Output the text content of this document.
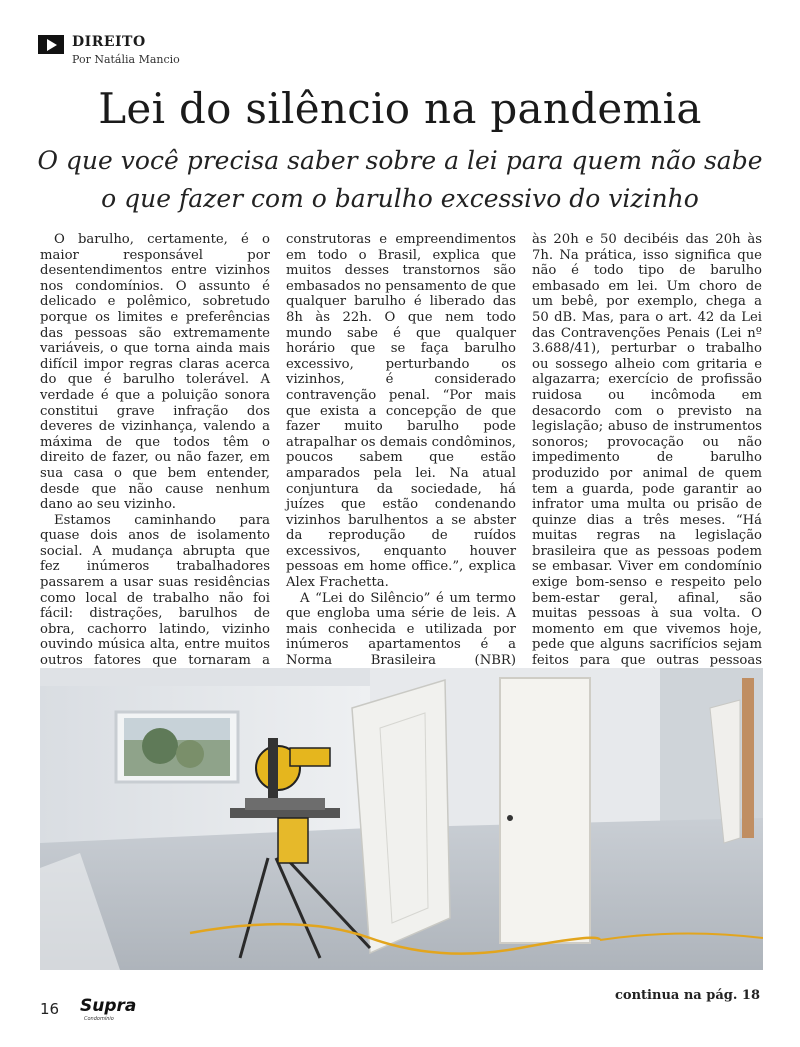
DIREITO
Por Natália Mancio
Lei do silêncio na pandemia
O que você precisa saber sobre a lei para quem não sabe o que fazer com o barulho excessivo do vizinho

O barulho, certamente, é o maior responsável por desentendimentos entre vizinhos nos condomínios. O assunto é delicado e polêmico, sobretudo porque os limites e preferências das pessoas são extremamente variáveis, o que torna ainda mais difícil impor regras claras acerca do que é barulho tolerável. A verdade é que a poluição sonora constitui grave infração dos deveres de vizinhança, valendo a máxima de que todos têm o direito de fazer, ou não fazer, em sua casa o que bem entender, desde que não cause nenhum dano ao seu vizinho.

Estamos caminhando para quase dois anos de isolamento social. A mudança abrupta que fez inúmeros trabalhadores passarem a usar suas residências como local de trabalho não foi fácil: distrações, barulhos de obra, cachorro latindo, vizinho ouvindo música alta, entre muitos outros fatores que tornaram a

construtoras e empreendimentos em todo o Brasil, explica que muitos desses transtornos são embasados no pensamento de que qualquer barulho é liberado das 8h às 22h. O que nem todo mundo sabe é que qualquer horário que se faça barulho excessivo, perturbando os vizinhos, é considerado contravenção penal. “Por mais que exista a concepção de que fazer muito barulho pode atrapalhar os demais condôminos, poucos sabem que estão amparados pela lei. Na atual conjuntura da sociedade, há juízes que estão condenando vizinhos barulhentos a se abster da reprodução de ruídos excessivos, enquanto houver pessoas em home office.”, explica Alex Frachetta.

A “Lei do Silêncio” é um termo que engloba uma série de leis. A mais conhecida e utilizada por inúmeros apartamentos é a Norma Brasileira (NBR)

às 20h e 50 decibéis das 20h às 7h. Na prática, isso significa que não é todo tipo de barulho embasado em lei. Um choro de um bebê, por exemplo, chega a 50 dB. Mas, para o art. 42 da Lei das Contravenções Penais (Lei nº 3.688/41), perturbar o trabalho ou sossego alheio com gritaria e algazarra; exercício de profissão ruidosa ou incômoda em desacordo com o previsto na legislação; abuso de instrumentos sonoros; provocação ou não impedimento de barulho produzido por animal de quem tem a guarda, pode garantir ao infrator uma multa ou prisão de quinze dias a três meses. “Há muitas regras na legislação brasileira que as pessoas podem se embasar. Viver em condomínio exige bom-senso e respeito pelo bem-estar geral, afinal, são muitas pessoas à sua volta. O momento em que vivemos hoje, pede que alguns sacrifícios sejam feitos para que outras pessoas

16 Supra
Condomínio
continua na pág. 18
